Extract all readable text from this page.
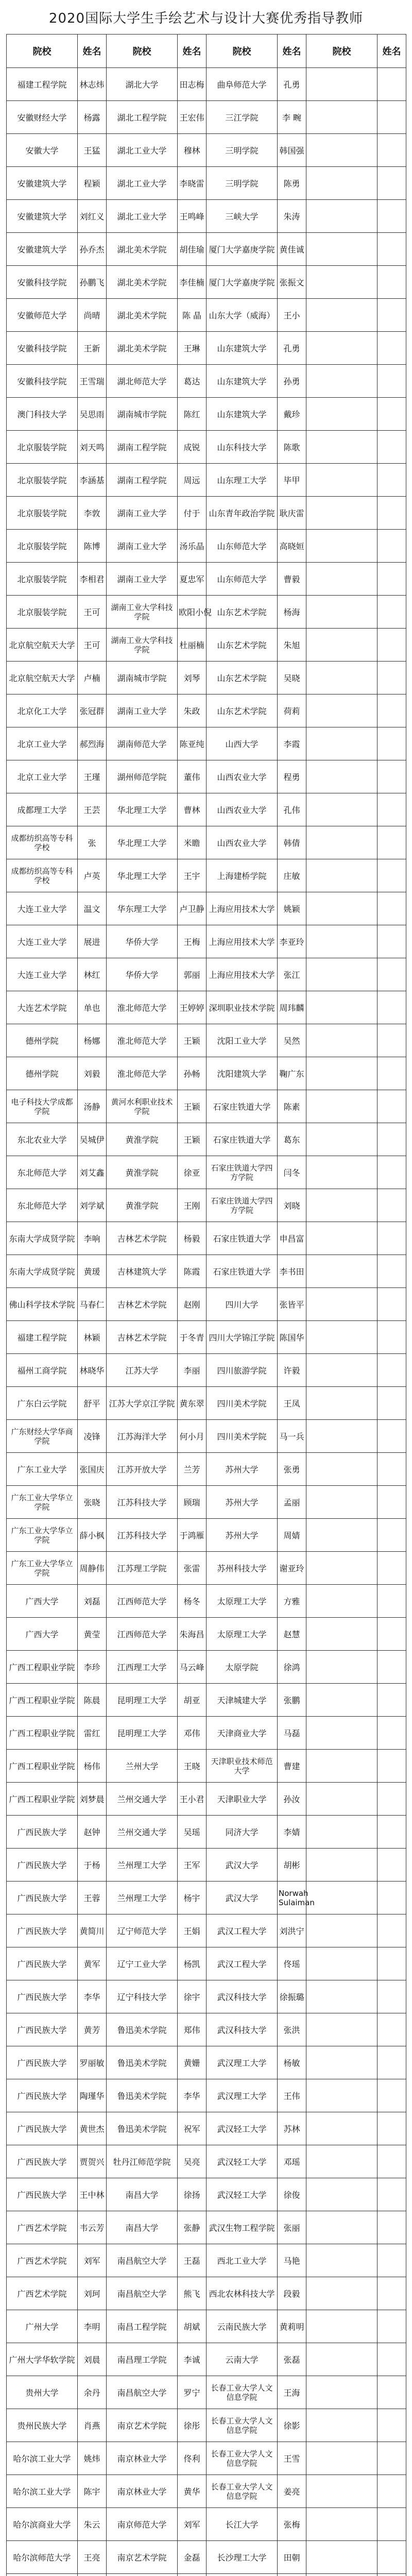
2020国际大学生手绘艺术与设计大赛优秀指导教师
院校	姓名	院校	姓名	院校	姓名	院校	姓名
福建工程学院	林志炜	湖北大学	田志梅	曲阜师范大学	孔勇		
安徽财经大学	杨露	湖北工程学院	王宏伟	三江学院	李 畹		
安徽大学	王猛	湖北工业大学	穆林	三明学院	韩国强		
安徽建筑大学	程颖	湖北工业大学	李晓雷	三明学院	陈勇		
安徽建筑大学	刘红义	湖北工业大学	王鸣峰	三峡大学	朱涛		
安徽建筑大学	孙乔杰	湖北美术学院	胡佳瑜	厦门大学嘉庚学院	黄佳诚		
安徽科技学院	孙鹏飞	湖北美术学院	李佳楠	厦门大学嘉庚学院	张振文		
安徽师范大学	尚晴	湖北美术学院	陈 晶	山东大学（威海）	王小		
安徽科技学院	王新	湖北美术学院	王琳	山东建筑大学	孔勇		
安徽科技学院	王雪瑞	湖北师范大学	葛达	山东建筑大学	孙勇		
澳门科技大学	吴思雨	湖南城市学院	陈红	山东建筑大学	戴珍		
北京服装学院	刘天鸣	湖南工程学院	成锐	山东科技大学	陈歌		
北京服装学院	李涵基	湖南工程学院	周远	山东理工大学	毕甲		
北京服装学院	李敦	湖南工业大学	付于	山东青年政治学院	耿庆雷		
北京服装学院	陈博	湖南工业大学	汤乐晶	山东师范大学	高晓姮		
北京服装学院	李相君	湖南工业大学	夏忠军	山东师范大学	曹毅		
北京服装学院	王可	湖南工业大学科技学院	欧阳小倪	山东艺术学院	杨海		
北京航空航天大学	王可	湖南工业大学科技学院	杜丽楠	山东艺术学院	朱旭		
北京航空航天大学	卢楠	湖南城市学院	刘琴	山东艺术学院	吴晓		
北京化工大学	张冠群	湖南工业大学	朱政	山东艺术学院	荷莉		
北京工业大学	郝烈海	湖南师范大学	陈亚纯	山西大学	李霞		
北京工业大学	王瑾	湖州师范学院	董伟	山西农业大学	程勇		
成都理工大学	王芸	华北理工大学	曹林	山西农业大学	孔伟		
成都纺织高等专科学校	张	华北理工大学	米瞻	山西农业大学	韩倩		
成都纺织高等专科学校	卢英	华北理工大学	王宇	上海建桥学院	庄敏		
大连工业大学	温文	华东理工大学	卢卫静	上海应用技术大学	姚颖		
大连工业大学	展进	华侨大学	王梅	上海应用技术大学	李亚玲		
大连工业大学	林红	华侨大学	郭丽	上海应用技术大学	张江		
大连艺术学院	单也	淮北师范大学	王婷婷	深圳职业技术学院	周玮麟		
德州学院	杨娜	淮北师范大学	王颖	沈阳工业大学	吴然		
德州学院	刘毅	淮北师范大学	孙畅	沈阳建筑大学	鞠广东		
电子科技大学成都学院	汤静	黄河水利职业技术学院	王颖	石家庄铁道大学	陈素		
东北农业大学	吴城伊	黄淮学院	王颖	石家庄铁道大学	葛东		
东北师范大学	刘艾鑫	黄淮学院	徐亚	石家庄铁道大学四方学院	闫冬		
东北师范大学	刘学斌	黄淮学院	王刚	石家庄铁道大学四方学院	刘晓		
东南大学成贤学院	李响	吉林艺术学院	杨毅	石家庄铁道大学	申昌富		
东南大学成贤学院	黄瑗	吉林建筑大学	陈霞	石家庄铁道大学	李书田		
佛山科学技术学院	马春仁	吉林艺术学院	赵刚	四川大学	张皆平		
福建工程学院	林颖	吉林艺术学院	于冬青	四川大学锦江学院	陈国华		
福州工商学院	林晓华	江苏大学	李丽	四川旅游学院	许毅		
广东白云学院	舒平	江苏大学京江学院	黄东翠	四川美术学院	王凤		
广东财经大学华商学院	凌锋	江苏海洋大学	何小月	四川美术学院	马一兵		
广东工业大学	张国庆	江苏开放大学	兰芳	苏州大学	张勇		
广东工业大学华立学院	张晓	江苏科技大学	顾瑞	苏州大学	孟丽		
广东工业大学华立学院	薛小枫	江苏科技大学	于鸿雁	苏州大学	周婧		
广东工业大学华立学院	周静伟	江苏理工学院	张雷	苏州科技大学	谢亚玲		
广西大学	刘磊	江西师范大学	杨冬	太原理工大学	方雅		
广西大学	黄莹	江西师范大学	朱海昌	太原理工大学	赵慧		
广西工程职业学院	李珍	江西理工大学	马云峰	太原学院	徐鸿		
广西工程职业学院	陈晨	昆明理工大学	胡亚	天津城建大学	张鹏		
广西工程职业学院	雷红	昆明理工大学	邓伟	天津商业大学	马磊		
广西工程职业学院	杨伟	兰州大学	王晓	天津职业技术师范大学	曹建		
广西工程职业学院	刘梦晨	兰州交通大学	王小君	天津职业大学	孙汝		
广西民族大学	赵钟	兰州交通大学	吴瑶	同济大学	李婧		
广西民族大学	于杨	兰州理工大学	王军	武汉大学	胡彬		
广西民族大学	王蓉	兰州理工大学	杨宇	武汉大学	Norwah Sulaiman		
广西民族大学	黄简川	辽宁师范大学	王娟	武汉工程大学	刘洪宁		
广西民族大学	黄军	辽宁工业大学	杨凯	武汉工程大学	佟瑶		
广西民族大学	李华	辽宁科技大学	徐宇	武汉科技大学	徐振璐		
广西民族大学	黄芳	鲁迅美术学院	郑伟	武汉科技大学	张洪		
广西民族大学	罗丽敏	鲁迅美术学院	黄姗	武汉理工大学	杨敏		
广西民族大学	陶瑾华	鲁迅美术学院	李华	武汉理工大学	王伟		
广西民族大学	黄世杰	鲁迅美术学院	祝军	武汉轻工大学	苏林		
广西民族大学	贾贺兴	牡丹江师范学院	吴亮	武汉轻工大学	邓瑶		
广西民族大学	王中林	南昌大学	徐扬	武汉轻工大学	徐俊		
广西艺术学院	韦云芳	南昌大学	张静	武汉生物工程学院	张丽		
广西艺术学院	刘军	南昌航空大学	王磊	西北工业大学	马艳		
广西艺术学院	刘珂	南昌航空大学	熊飞	西北农林科技大学	段毅		
广州大学	李明	南昌工程学院	胡斌	云南民族大学	黄莉明		
广州大学华软学院	刘晨	南昌理工学院	李诚	云南大学	张磊		
贵州大学	余丹	南昌航空大学	罗宁	长春工业大学人文信息学院	王海		
贵州民族大学	肖燕	南京艺术学院	徐彤	长春工业大学人文信息学院	徐影		
哈尔滨工业大学	姚炜	南京林业大学	佟利	长春工业大学人文信息学院	王雪		
哈尔滨工业大学	陈宇	南京林业大学	黄华	长春工业大学人文信息学院	姜亮		
哈尔滨商业大学	朱云	南京师范大学	刘军	长江大学	张梅		
哈尔滨师范大学	王亮	南京艺术学院	金磊	长沙理工大学	田朝		
